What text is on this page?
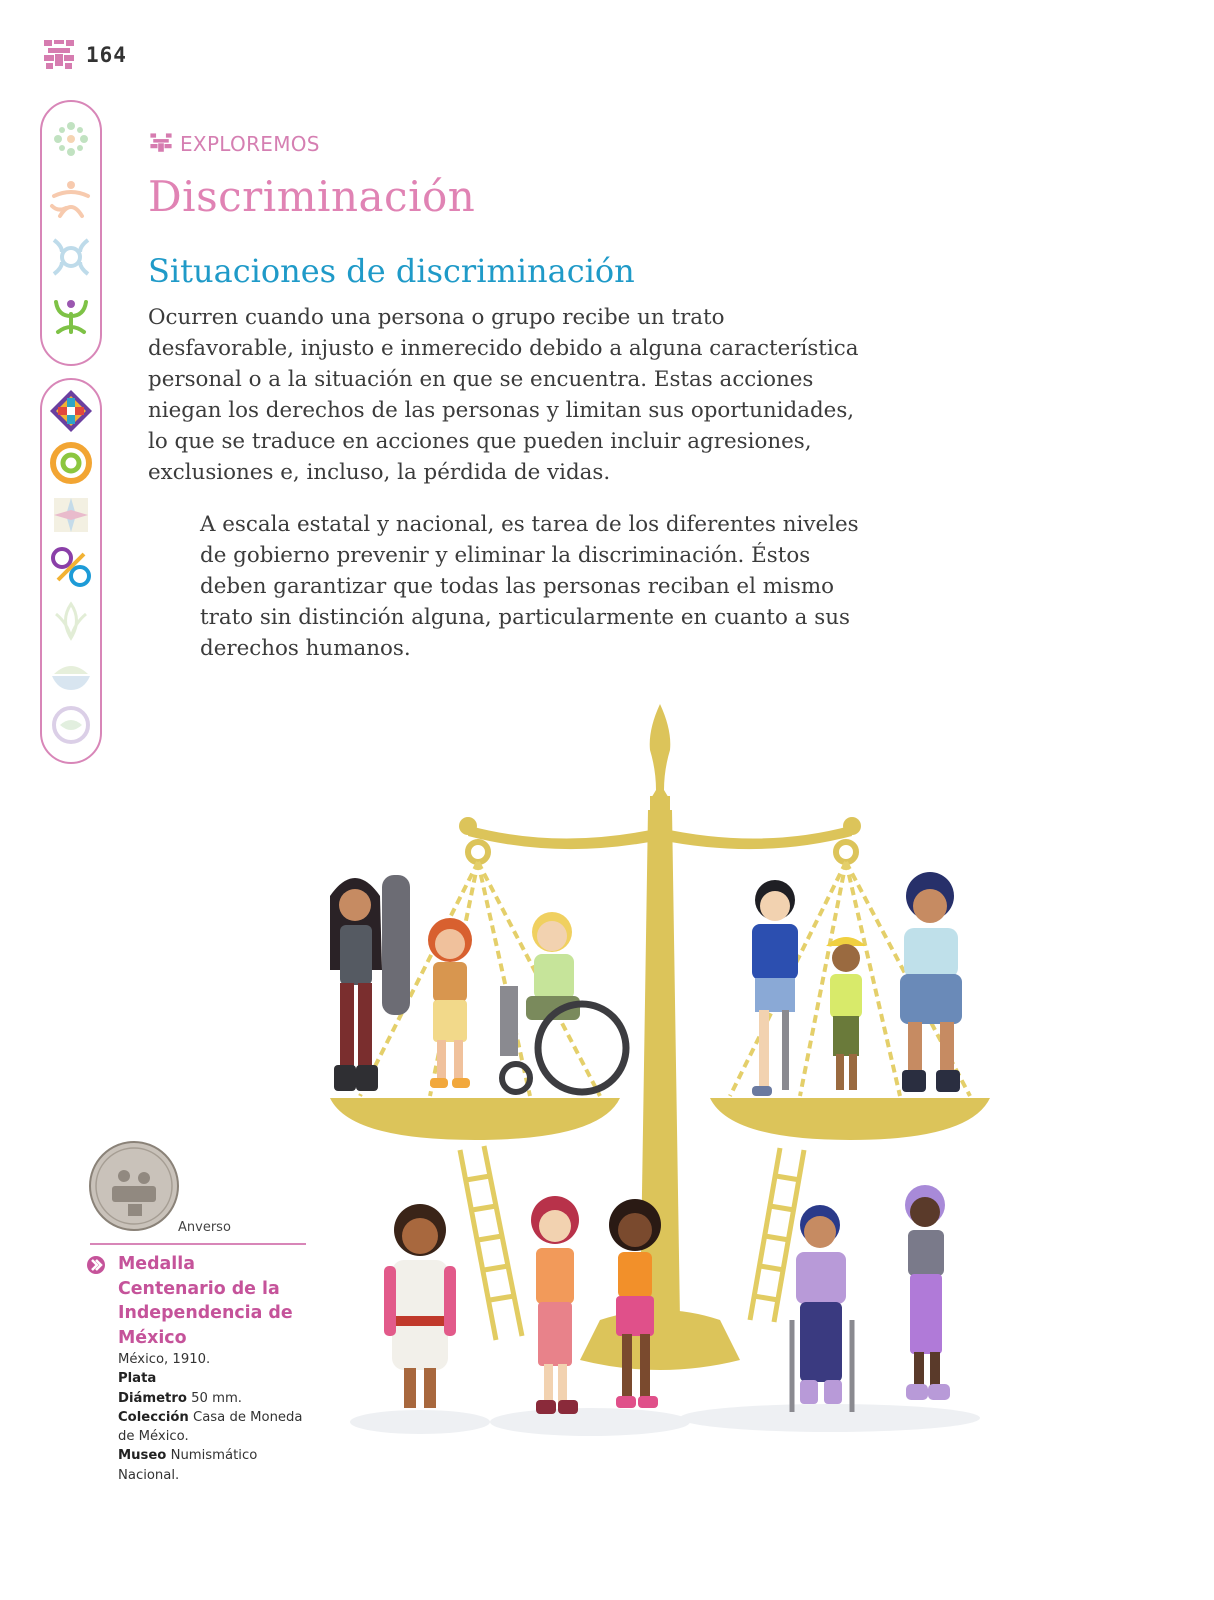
164
EXPLOREMOS
Discriminación
Situaciones de discriminación

Ocurren cuando una persona o grupo recibe un trato desfavorable, injusto e inmerecido debido a alguna característica personal o a la situación en que se encuentra. Estas acciones niegan los derechos de las personas y limitan sus oportunidades, lo que se traduce en acciones que pueden incluir agresiones, exclusiones e, incluso, la pérdida de vidas.

A escala estatal y nacional, es tarea de los diferentes niveles de gobierno prevenir y eliminar la discriminación. Éstos deben garantizar que todas las personas reciban el mismo trato sin distinción alguna, particularmente en cuanto a sus derechos humanos.

Anverso
Medalla Centenario de la Independencia de México
México, 1910.
Plata
Diámetro 50 mm.
Colección Casa de Moneda de México.
Museo Numismático Nacional.
